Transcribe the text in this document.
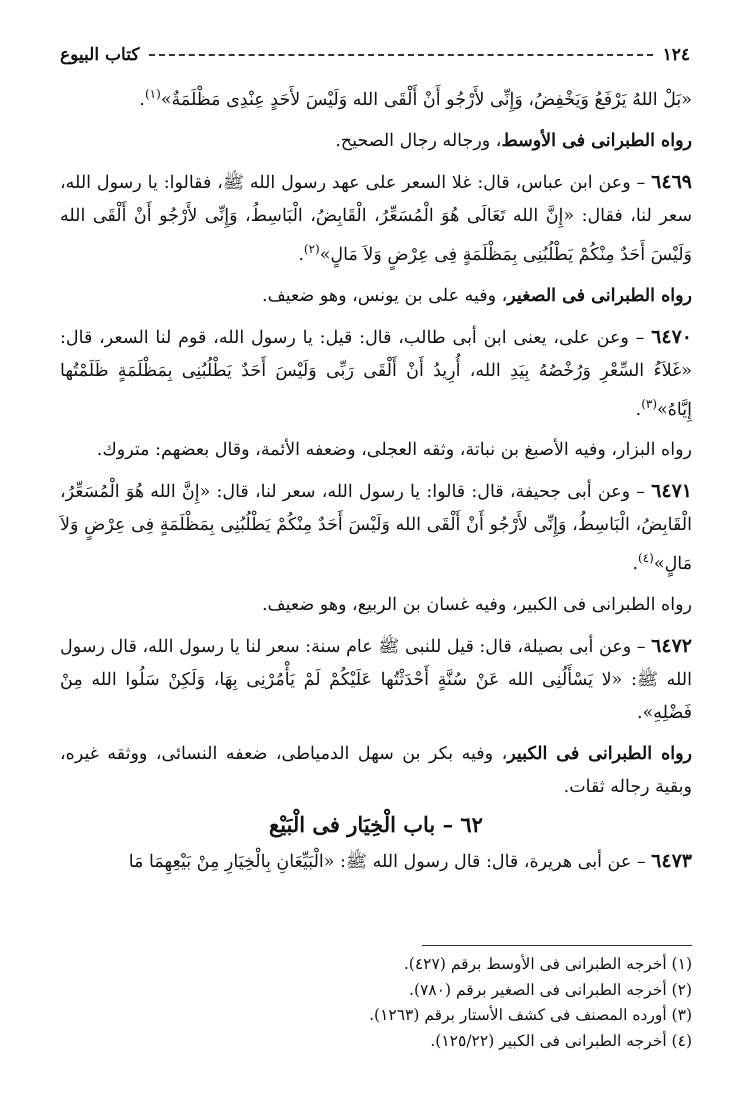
١٢٤
كتاب البيوع

«بَلْ اللهُ يَرْفَعُ وَيَخْفِضُ، وَإِنِّى لأَرْجُو أَنْ أَلْقَى الله وَلَيْسَ لأَحَدٍ عِنْدِى مَظْلَمَةٌ»$^{(١)}$.

رواه الطبرانى فى الأوسط، ورجاله رجال الصحيح.

٦٤٦٩ – وعن ابن عباس، قال: غلا السعر على عهد رسول الله ﷺ، فقالوا: يا رسول الله، سعر لنا، فقال: «إِنَّ الله تَعَالَى هُوَ الْمُسَعِّرُ، الْقَابِضُ، الْبَاسِطُ، وَإِنِّى لأَرْجُو أَنْ أَلْقَى الله وَلَيْسَ أَحَدٌ مِنْكُمْ يَطْلُبُنِى بِمَظْلَمَةٍ فِى عِرْضٍ وَلاَ مَالٍ»$^{(٢)}$.

رواه الطبرانى فى الصغير، وفيه على بن يونس، وهو ضعيف.

٦٤٧٠ – وعن على، يعنى ابن أبى طالب، قال: قيل: يا رسول الله، قوم لنا السعر، قال: «غَلاَءُ السِّعْرِ وَرُخْصُهُ بِيَدِ الله، أُرِيدُ أَنْ أَلْقَى رَبِّى وَلَيْسَ أَحَدٌ يَطْلُبُنِى بِمَظْلَمَةٍ ظَلَمْتُها إِيَّاهُ»$^{(٣)}$.

رواه البزار، وفيه الأصبغ بن نباتة، وثقه العجلى، وضعفه الأئمة، وقال بعضهم: متروك.

٦٤٧١ – وعن أبى جحيفة، قال: قالوا: يا رسول الله، سعر لنا، قال: «إِنَّ الله هُوَ الْمُسَعِّرُ، الْقَابِضُ، الْبَاسِطُ، وَإِنِّى لأَرْجُو أَنْ أَلْقَى الله وَلَيْسَ أَحَدٌ مِنْكُمْ يَطْلُبُنِى بِمَظْلَمَةٍ فِى عِرْضٍ وَلاَ مَالٍ»$^{(٤)}$.

رواه الطبرانى فى الكبير، وفيه غسان بن الربيع، وهو ضعيف.

٦٤٧٢ – وعن أبى بصيلة، قال: قيل للنبى ﷺ عام سنة: سعر لنا يا رسول الله، قال رسول الله ﷺ: «لا يَسْأَلُنِى الله عَنْ سُنَّةٍ أَحْدَثْتُها عَلَيْكُمْ لَمْ يَأْمُرْنِى بِهَا، وَلَكِنْ سَلُوا الله مِنْ فَضْلِهِ».

رواه الطبرانى فى الكبير، وفيه بكر بن سهل الدمياطى، ضعفه النسائى، ووثقه غيره، وبقية رجاله ثقات.

٦٢ – باب الْخِيَار فى الْبَيْع

٦٤٧٣ – عن أبى هريرة، قال: قال رسول الله ﷺ: «الْبَيِّعَانِ بِالْخِيَارِ مِنْ بَيْعِهِمَا مَا

(١) أخرجه الطبرانى فى الأوسط برقم (٤٢٧).
(٢) أخرجه الطبرانى فى الصغير برقم (٧٨٠).
(٣) أورده المصنف فى كشف الأستار برقم (١٢٦٣).
(٤) أخرجه الطبرانى فى الكبير (١٢٥/٢٢).
